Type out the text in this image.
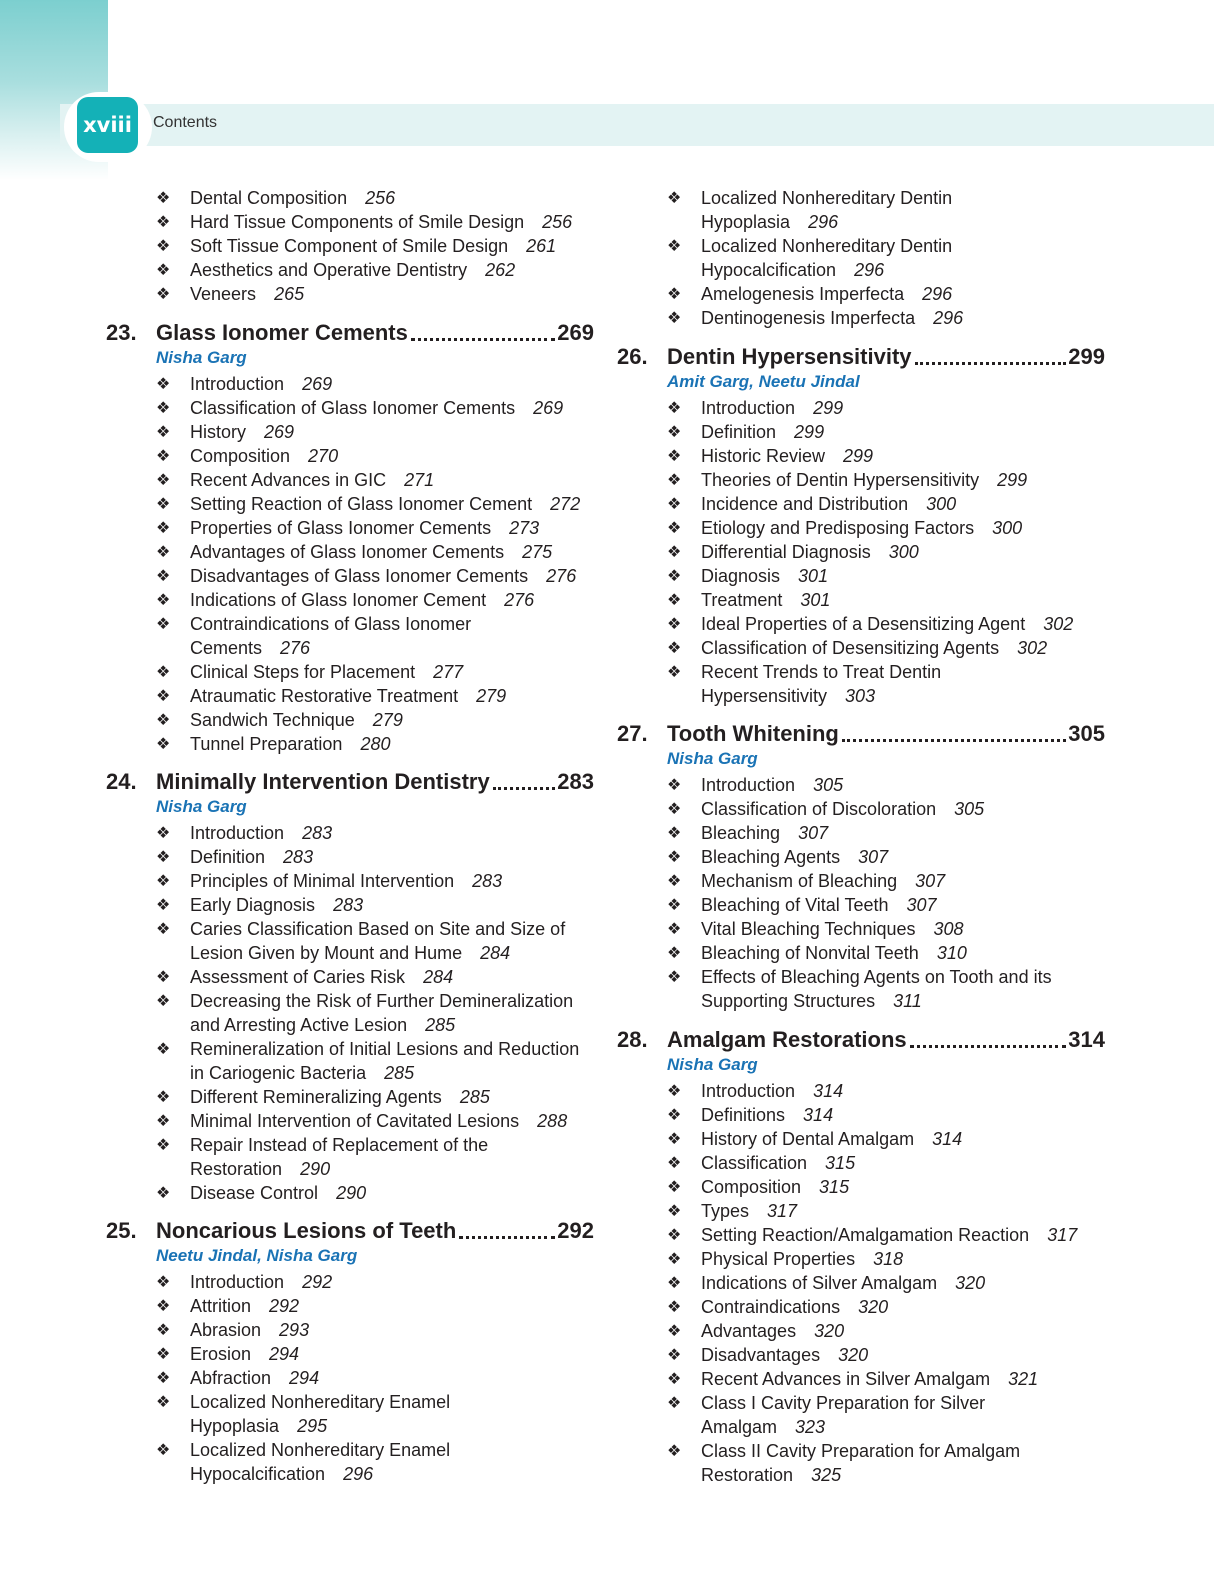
xviii	Contents
❖ Dental Composition 256
❖ Hard Tissue Components of Smile Design 256
❖ Soft Tissue Component of Smile Design 261
❖ Aesthetics and Operative Dentistry 262
❖ Veneers 265
23. Glass Ionomer Cements	269
Nisha Garg
❖ Introduction 269
❖ Classification of Glass Ionomer Cements 269
❖ History 269
❖ Composition 270
❖ Recent Advances in GIC 271
❖ Setting Reaction of Glass Ionomer Cement 272
❖ Properties of Glass Ionomer Cements 273
❖ Advantages of Glass Ionomer Cements 275
❖ Disadvantages of Glass Ionomer Cements 276
❖ Indications of Glass Ionomer Cement 276
❖ Contraindications of Glass Ionomer
Cements 276
❖ Clinical Steps for Placement 277
❖ Atraumatic Restorative Treatment 279
❖ Sandwich Technique 279
❖ Tunnel Preparation 280
24. Minimally Intervention Dentistry	283
Nisha Garg
❖ Introduction 283
❖ Definition 283
❖ Principles of Minimal Intervention 283
❖ Early Diagnosis 283
❖ Caries Classification Based on Site and Size of
Lesion Given by Mount and Hume 284
❖ Assessment of Caries Risk 284
❖ Decreasing the Risk of Further Demineralization
and Arresting Active Lesion 285
❖ Remineralization of Initial Lesions and Reduction
in Cariogenic Bacteria 285
❖ Different Remineralizing Agents 285
❖ Minimal Intervention of Cavitated Lesions 288
❖ Repair Instead of Replacement of the
Restoration 290
❖ Disease Control 290
25. Noncarious Lesions of Teeth	292
Neetu Jindal, Nisha Garg
❖ Introduction 292
❖ Attrition 292
❖ Abrasion 293
❖ Erosion 294
❖ Abfraction 294
❖ Localized Nonhereditary Enamel
Hypoplasia 295
❖ Localized Nonhereditary Enamel
Hypocalcification 296
❖ Localized Nonhereditary Dentin
Hypoplasia 296
❖ Localized Nonhereditary Dentin
Hypocalcification 296
❖ Amelogenesis Imperfecta 296
❖ Dentinogenesis Imperfecta 296
26. Dentin Hypersensitivity	299
Amit Garg, Neetu Jindal
❖ Introduction 299
❖ Definition 299
❖ Historic Review 299
❖ Theories of Dentin Hypersensitivity 299
❖ Incidence and Distribution 300
❖ Etiology and Predisposing Factors 300
❖ Differential Diagnosis 300
❖ Diagnosis 301
❖ Treatment 301
❖ Ideal Properties of a Desensitizing Agent 302
❖ Classification of Desensitizing Agents 302
❖ Recent Trends to Treat Dentin
Hypersensitivity 303
27. Tooth Whitening	305
Nisha Garg
❖ Introduction 305
❖ Classification of Discoloration 305
❖ Bleaching 307
❖ Bleaching Agents 307
❖ Mechanism of Bleaching 307
❖ Bleaching of Vital Teeth 307
❖ Vital Bleaching Techniques 308
❖ Bleaching of Nonvital Teeth 310
❖ Effects of Bleaching Agents on Tooth and its
Supporting Structures 311
28. Amalgam Restorations	314
Nisha Garg
❖ Introduction 314
❖ Definitions 314
❖ History of Dental Amalgam 314
❖ Classification 315
❖ Composition 315
❖ Types 317
❖ Setting Reaction/Amalgamation Reaction 317
❖ Physical Properties 318
❖ Indications of Silver Amalgam 320
❖ Contraindications 320
❖ Advantages 320
❖ Disadvantages 320
❖ Recent Advances in Silver Amalgam 321
❖ Class I Cavity Preparation for Silver
Amalgam 323
❖ Class II Cavity Preparation for Amalgam
Restoration 325
